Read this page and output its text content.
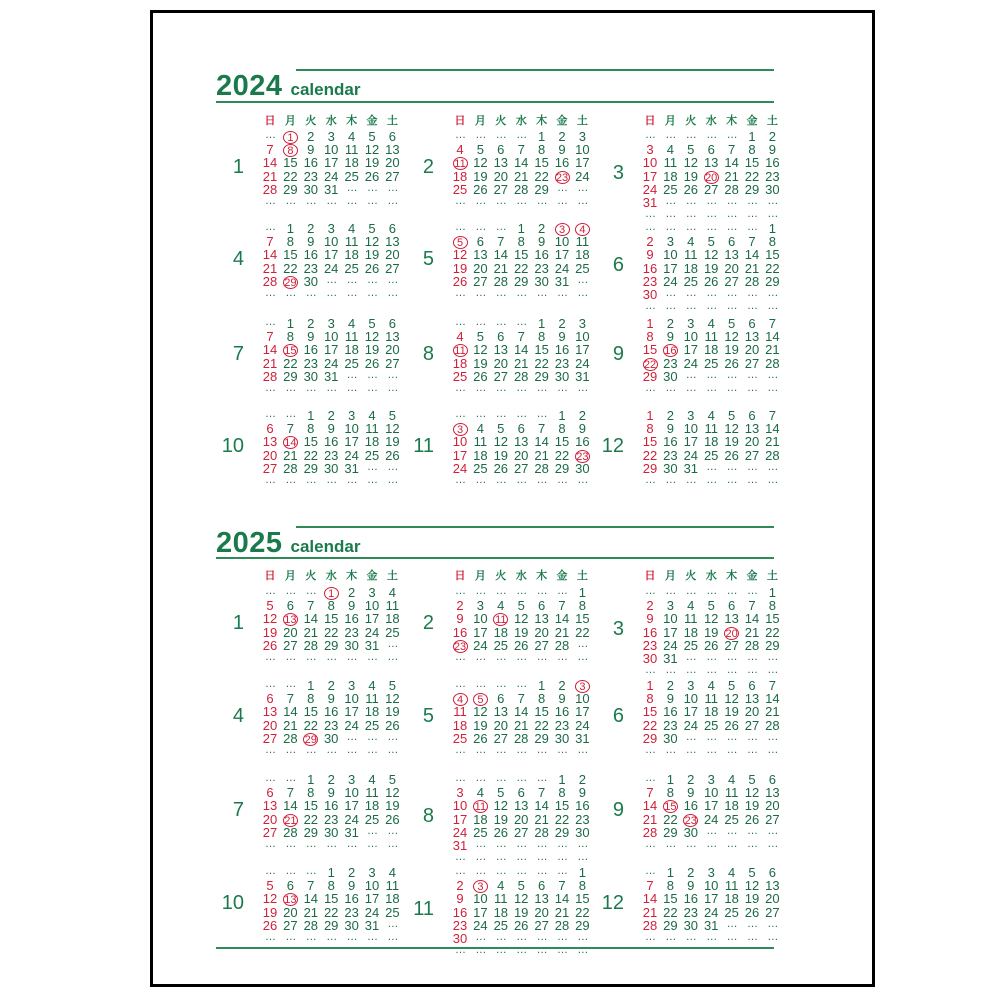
2024 calendar
2025 calendar
日 月 火 水 木 金 土	日 月 火 水 木 金 土	日 月 火 水 木 金 土
日 月 火 水 木 金 土	日 月 火 水 木 金 土	日 月 火 水 木 金 土
1
…	1	2	3	4	5	6
7	8	9 10 11 12 13
14 15 16 17 18 19 20
21 22 23 24 25 26 27
28 29 30 31 … … …
… … … … … … …
2
… … … … 1	2	3
4	5	6	7	8	9 10
11 12 13 14 15 16 17
18 19 20 21 22 23 24
25 26 27 28 29 … …
… … … … … … …
3
… … … … … 1	2
3	4	5	6	7	8	9
10 11 12 13 14 15 16
17 18 19 20 21 22 23
24 25 26 27 28 29 30
31 … … … … … …
… … … … … … …
4
… 1	2	3	4	5	6
7	8	9 10 11 12 13
14 15 16 17 18 19 20
21 22 23 24 25 26 27
28 29 30 … … … …
… … … … … … …
5
… … … 1	2	3	4
5	6	7	8	9 10 11
12 13 14 15 16 17 18
19 20 21 22 23 24 25
26 27 28 29 30 31 …
… … … … … … …
6
… … … … … … 1
2	3	4	5	6	7	8
9 10 11 12 13 14 15
16 17 18 19 20 21 22
23 24 25 26 27 28 29
30 … … … … … …
… … … … … … …
7
… 1	2	3	4	5	6
7	8	9 10 11 12 13
14 15 16 17 18 19 20
21 22 23 24 25 26 27
28 29 30 31 … … …
… … … … … … …
8
… … … … 1	2	3
4	5	6	7	8	9 10
11 12 13 14 15 16 17
18 19 20 21 22 23 24
25 26 27 28 29 30 31
… … … … … … …
9
1	2	3	4	5	6	7
8	9 10 11 12 13 14
15 16 17 18 19 20 21
22 23 24 25 26 27 28
29 30 … … … … …
… … … … … … …
10
… … 1	2	3	4	5
6	7	8	9 10 11 12
13 14 15 16 17 18 19
20 21 22 23 24 25 26
27 28 29 30 31 … …
… … … … … … …
11
… … … … … 1	2
3	4	5	6	7	8	9
10 11 12 13 14 15 16
17 18 19 20 21 22 23
24 25 26 27 28 29 30
… … … … … … …
12
1	2	3	4	5	6	7
8	9 10 11 12 13 14
15 16 17 18 19 20 21
22 23 24 25 26 27 28
29 30 31 … … … …
… … … … … … …
1
… … …	1	2	3	4
5	6	7	8	9 10 11
12 13 14 15 16 17 18
19 20 21 22 23 24 25
26 27 28 29 30 31 …
… … … … … … …
2
… … … … … … 1
2	3	4	5	6	7	8
9 10 11 12 13 14 15
16 17 18 19 20 21 22
23 24 25 26 27 28 …
… … … … … … …
3
… … … … … … 1
2	3	4	5	6	7	8
9 10 11 12 13 14 15
16 17 18 19 20 21 22
23 24 25 26 27 28 29
30 31 … … … … …
… … … … … … …
4
… … 1	2	3	4	5
6	7	8	9 10 11 12
13 14 15 16 17 18 19
20 21 22 23 24 25 26
27 28 29 30 … … …
… … … … … … …
5
… … … … 1	2	3
4	5	6	7	8	9 10
11 12 13 14 15 16 17
18 19 20 21 22 23 24
25 26 27 28 29 30 31
… … … … … … …
6
1	2	3	4	5	6	7
8	9 10 11 12 13 14
15 16 17 18 19 20 21
22 23 24 25 26 27 28
29 30 … … … … …
… … … … … … …
7
… … 1	2	3	4	5
6	7	8	9 10 11 12
13 14 15 16 17 18 19
20 21 22 23 24 25 26
27 28 29 30 31 … …
… … … … … … …
8
… … … … … 1	2
3	4	5	6	7	8	9
10 11 12 13 14 15 16
17 18 19 20 21 22 23
24 25 26 27 28 29 30
31 … … … … … …
… … … … … … …
9
… 1	2	3	4	5	6
7	8	9 10 11 12 13
14 15 16 17 18 19 20
21 22 23 24 25 26 27
28 29 30 … … … …
… … … … … … …
10
… … … 1	2	3	4
5	6	7	8	9 10 11
12 13 14 15 16 17 18
19 20 21 22 23 24 25
26 27 28 29 30 31 …
… … … … … … …
11
… … … … … … 1
2	3	4	5	6	7	8
9 10 11 12 13 14 15
16 17 18 19 20 21 22
23 24 25 26 27 28 29
30 … … … … … …
… … … … … … …
12
… 1	2	3	4	5	6
7	8	9 10 11 12 13
14 15 16 17 18 19 20
21 22 23 24 25 26 27
28 29 30 31 … … …
… … … … … … …
